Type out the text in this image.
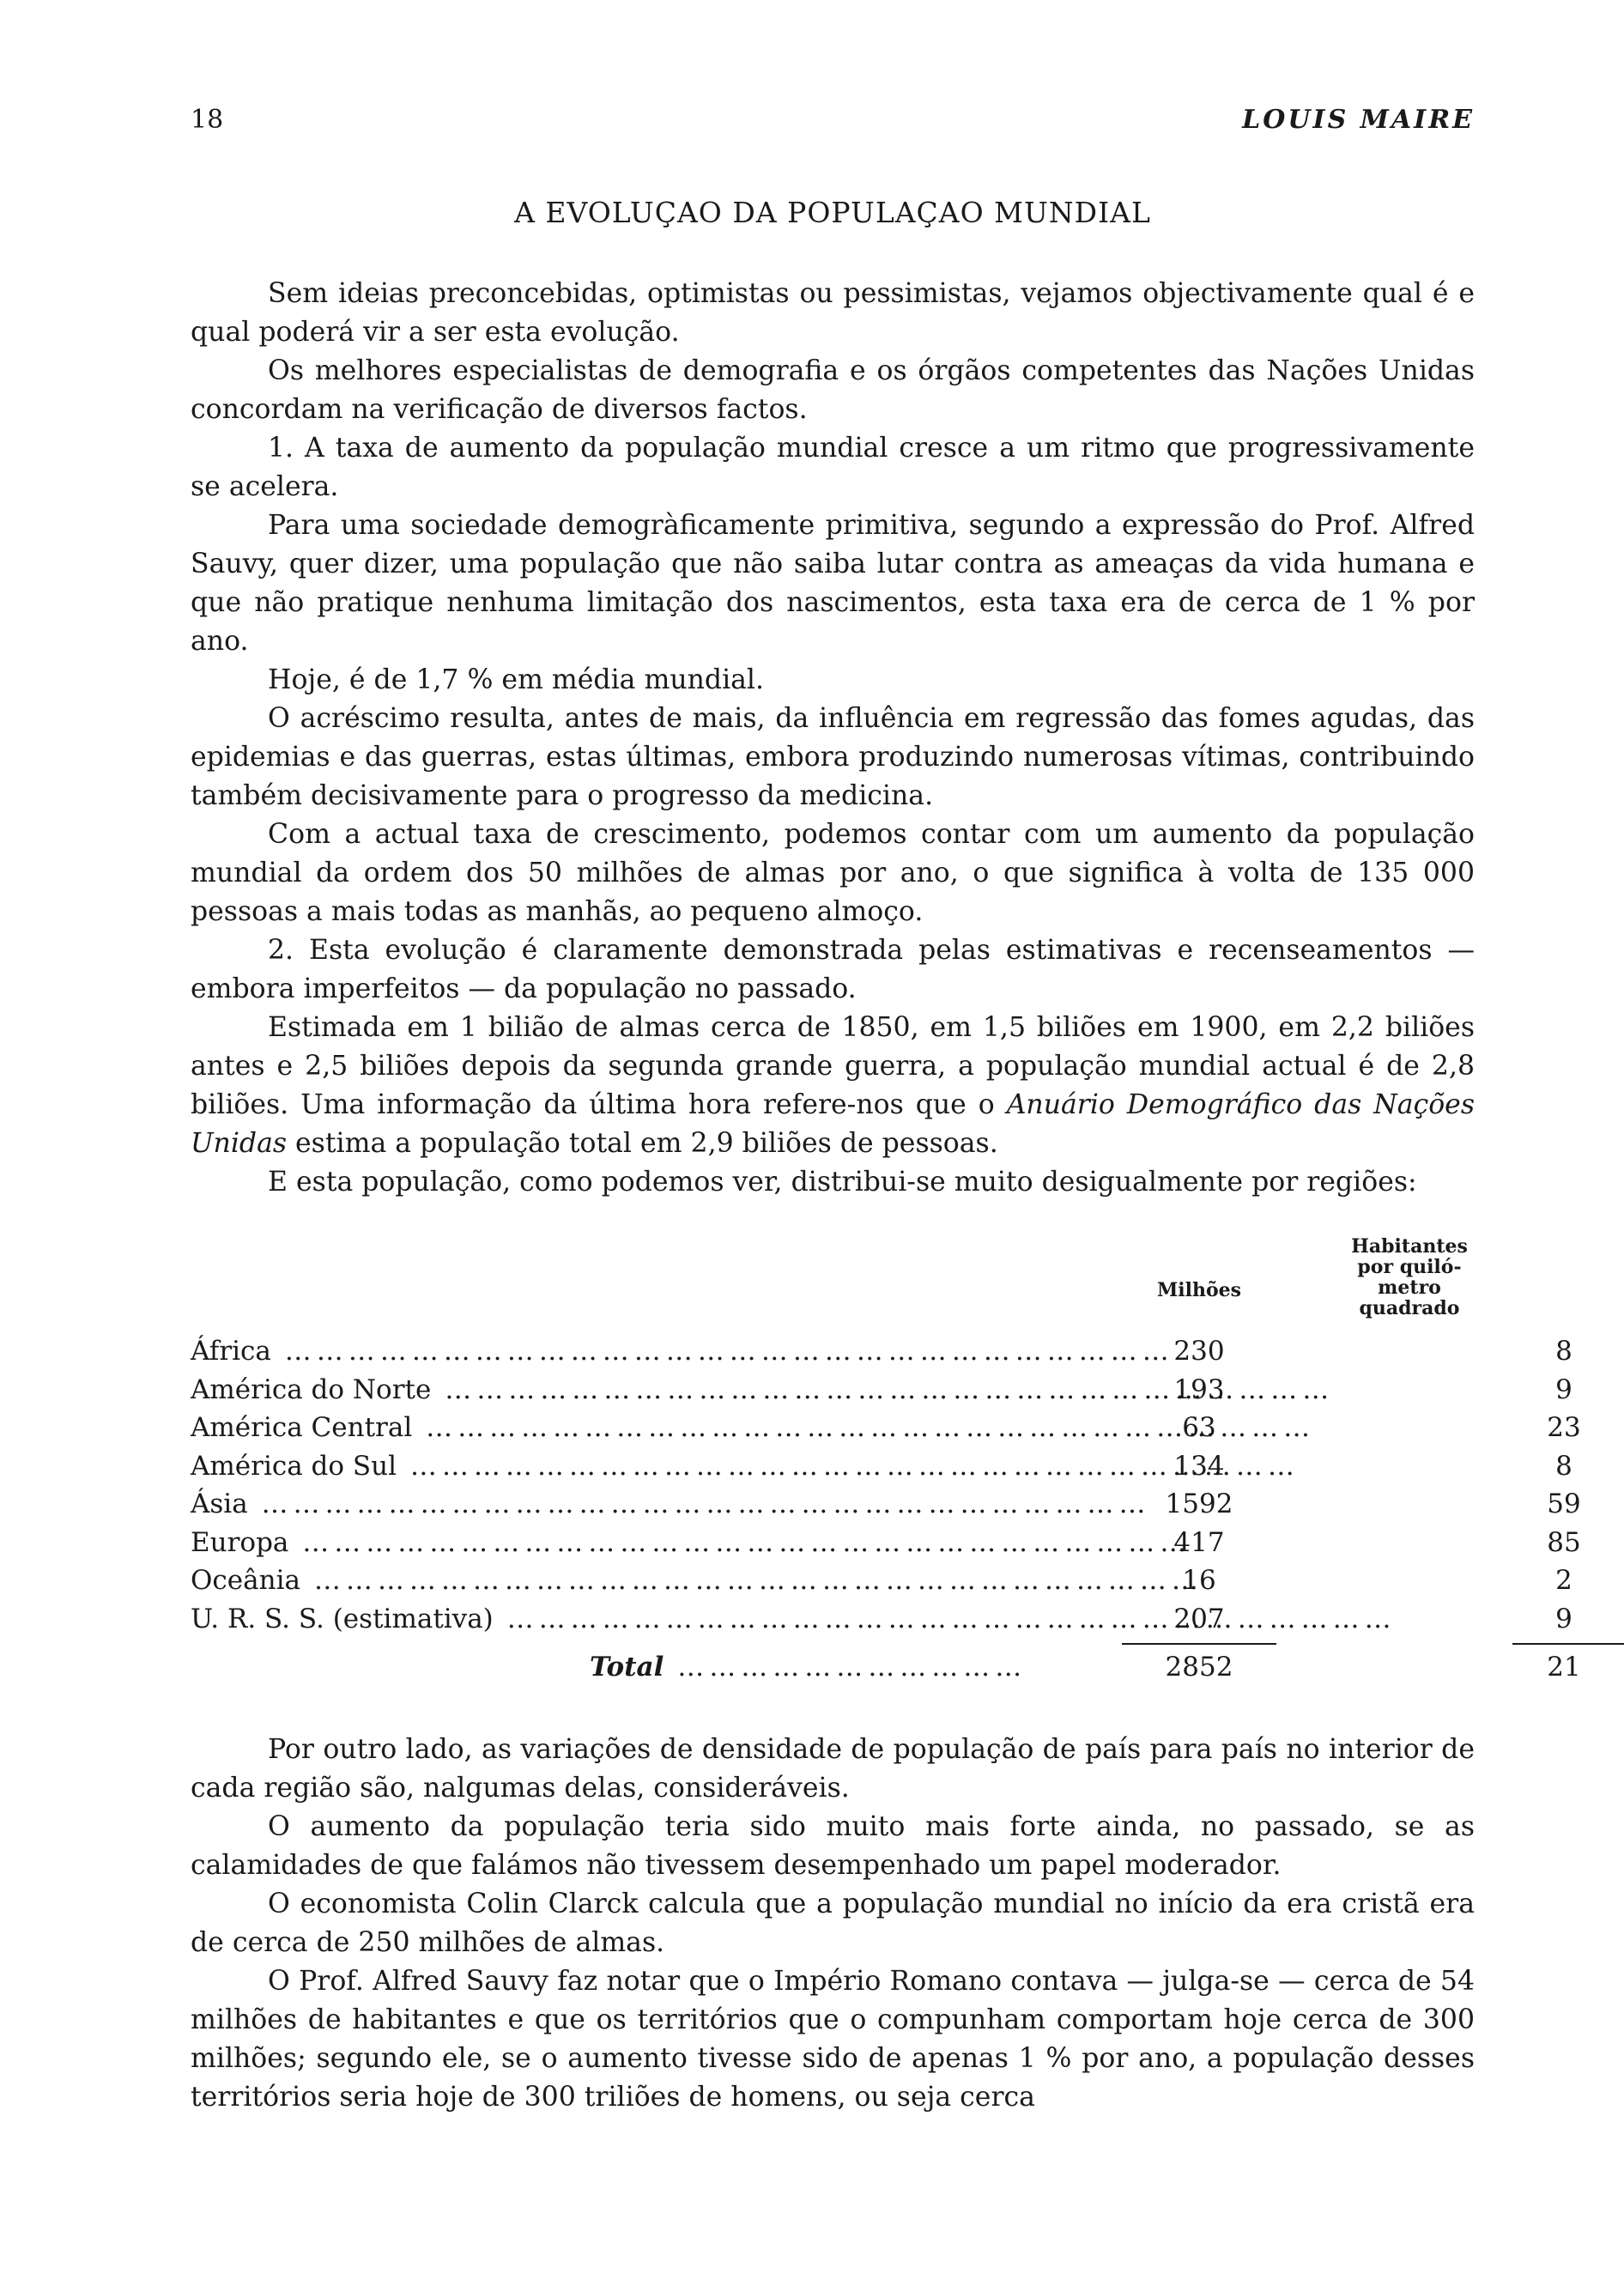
18	LOUIS MAIRE
A EVOLUÇAO DA POPULAÇAO MUNDIAL

Sem ideias preconcebidas, optimistas ou pessimistas, vejamos objectivamente qual é e qual poderá vir a ser esta evolução.

Os melhores especialistas de demografia e os órgãos competentes das Nações Unidas concordam na verificação de diversos factos.

1. A taxa de aumento da população mundial cresce a um ritmo que progressivamente se acelera.

Para uma sociedade demogràficamente primitiva, segundo a expressão do Prof. Alfred Sauvy, quer dizer, uma população que não saiba lutar contra as ameaças da vida humana e que não pratique nenhuma limitação dos nascimentos, esta taxa era de cerca de 1 % por ano.

Hoje, é de 1,7 % em média mundial.

O acréscimo resulta, antes de mais, da influência em regressão das fomes agudas, das epidemias e das guerras, estas últimas, embora produzindo numerosas vítimas, contribuindo também decisivamente para o progresso da medicina.

Com a actual taxa de crescimento, podemos contar com um aumento da população mundial da ordem dos 50 milhões de almas por ano, o que significa à volta de 135 000 pessoas a mais todas as manhãs, ao pequeno almoço.

2. Esta evolução é claramente demonstrada pelas estimativas e recenseamentos — embora imperfeitos — da população no passado.

Estimada em 1 bilião de almas cerca de 1850, em 1,5 biliões em 1900, em 2,2 biliões antes e 2,5 biliões depois da segunda grande guerra, a população mundial actual é de 2,8 biliões. Uma informação da última hora refere-nos que o Anuário Demográfico das Nações Unidas estima a população total em 2,9 biliões de pessoas.

E esta população, como podemos ver, distribui-se muito desigualmente por regiões:

Milhões
Habitantes
por quiló-
metro
quadrado
África …………………………………………………………………………	230	8
América do Norte …………………………………………………………………………	193	9
América Central …………………………………………………………………………	63	23
América do Sul …………………………………………………………………………	134	8
Ásia …………………………………………………………………………	1592	59
Europa …………………………………………………………………………	417	85
Oceânia …………………………………………………………………………	16	2
U. R. S. S. (estimativa) …………………………………………………………………………	207	9
Total ……………………………	2852	21

Por outro lado, as variações de densidade de população de país para país no interior de cada região são, nalgumas delas, consideráveis.

O aumento da população teria sido muito mais forte ainda, no passado, se as calamidades de que falámos não tivessem desempenhado um papel moderador.

O economista Colin Clarck calcula que a população mundial no início da era cristã era de cerca de 250 milhões de almas.

O Prof. Alfred Sauvy faz notar que o Império Romano contava — julga-se — cerca de 54 milhões de habitantes e que os territórios que o compunham comportam hoje cerca de 300 milhões; segundo ele, se o aumento tivesse sido de apenas 1 % por ano, a população desses territórios seria hoje de 300 triliões de homens, ou seja cerca
